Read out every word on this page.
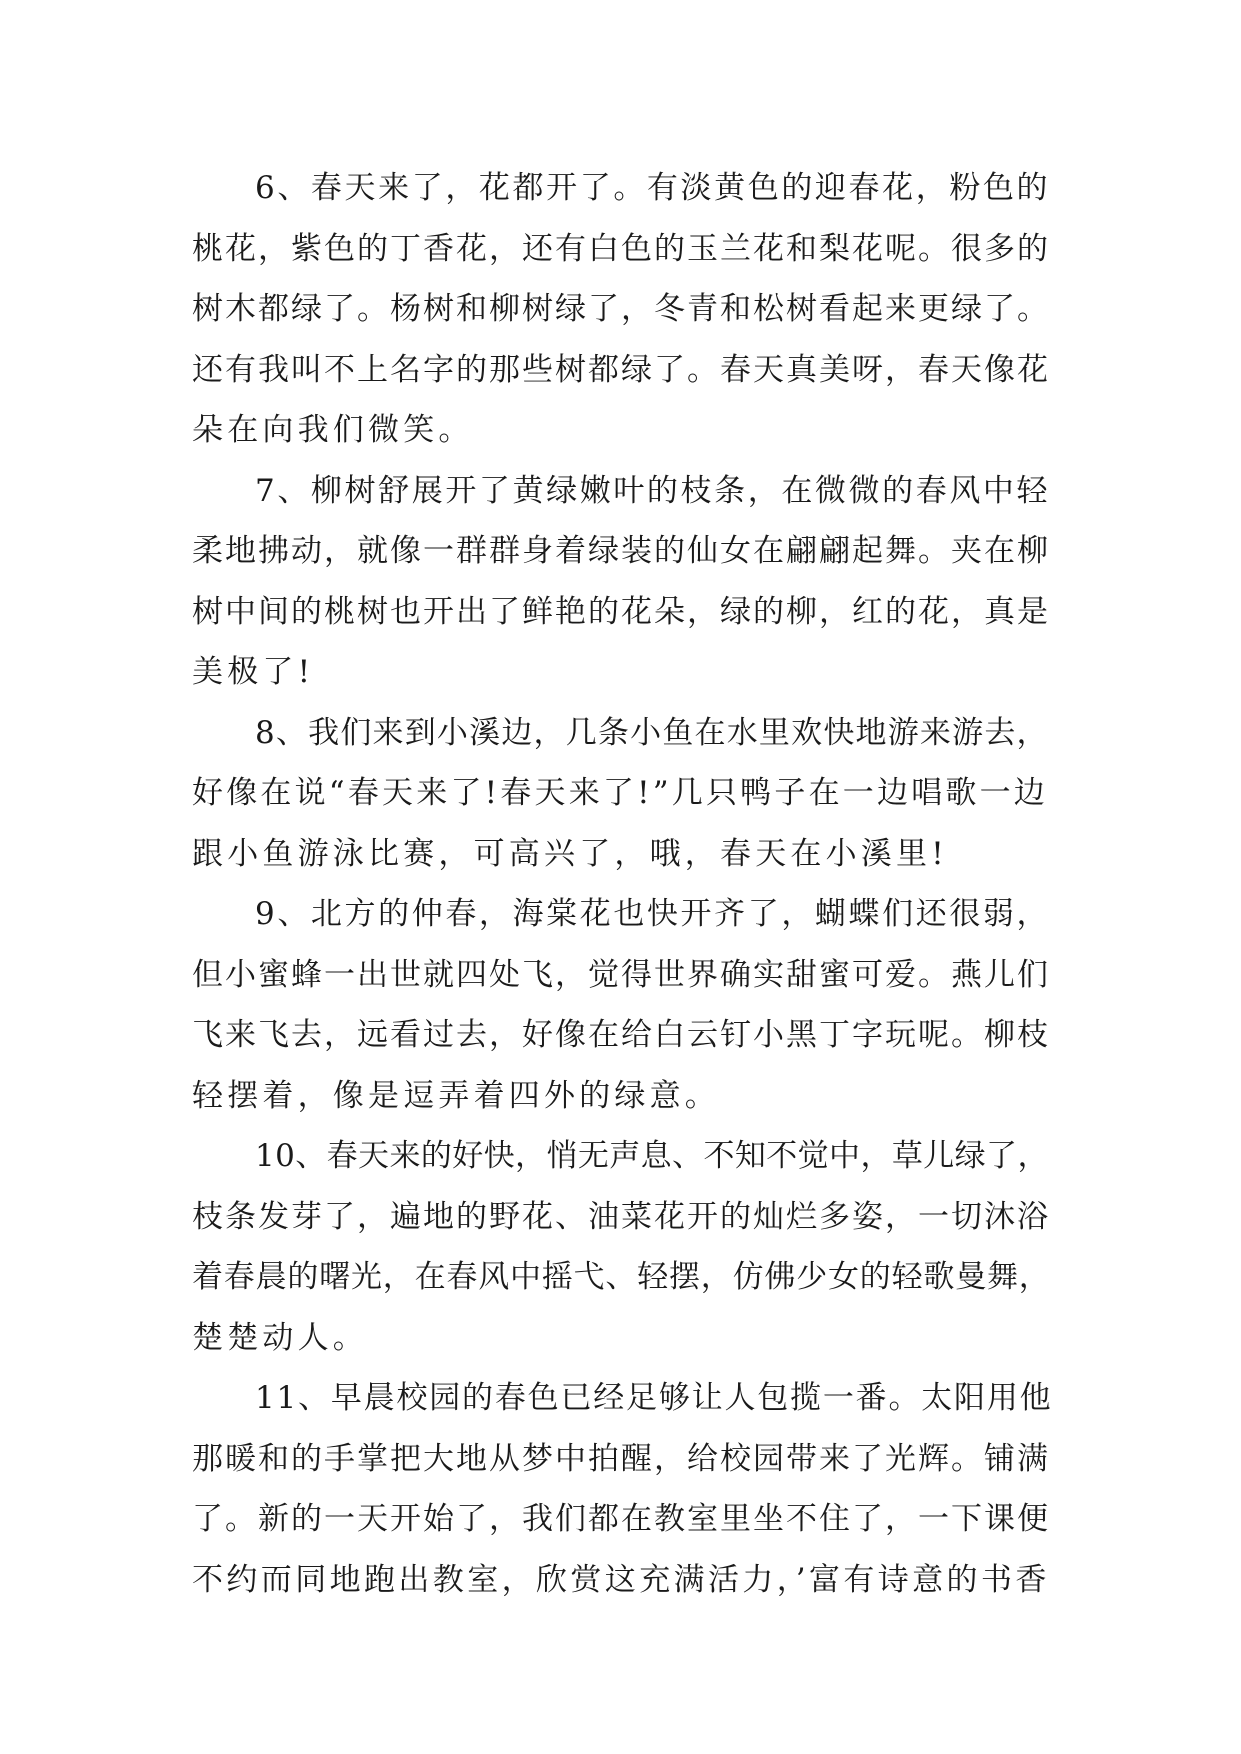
6、春天来了，花都开了。有淡黄色的迎春花，粉色的
桃花，紫色的丁香花，还有白色的玉兰花和梨花呢。很多的
树木都绿了。杨树和柳树绿了，冬青和松树看起来更绿了。
还有我叫不上名字的那些树都绿了。春天真美呀，春天像花
朵在向我们微笑。
7、柳树舒展开了黄绿嫩叶的枝条，在微微的春风中轻
柔地拂动，就像一群群身着绿装的仙女在翩翩起舞。夹在柳
树中间的桃树也开出了鲜艳的花朵，绿的柳，红的花，真是
美极了!
8、我们来到小溪边，几条小鱼在水里欢快地游来游去，
好像在说“春天来了!春天来了!”几只鸭子在一边唱歌一边
跟小鱼游泳比赛，可高兴了，哦，春天在小溪里!
9、北方的仲春，海棠花也快开齐了，蝴蝶们还很弱，
但小蜜蜂一出世就四处飞，觉得世界确实甜蜜可爱。燕儿们
飞来飞去，远看过去，好像在给白云钉小黑丁字玩呢。柳枝
轻摆着，像是逗弄着四外的绿意。
10、春天来的好快，悄无声息、不知不觉中，草儿绿了，
枝条发芽了，遍地的野花、油菜花开的灿烂多姿，一切沐浴
着春晨的曙光，在春风中摇弋、轻摆，仿佛少女的轻歌曼舞，
楚楚动人。
11、早晨校园的春色已经足够让人包揽一番。太阳用他
那暖和的手掌把大地从梦中拍醒，给校园带来了光辉。铺满
了。新的一天开始了，我们都在教室里坐不住了，一下课便
不约而同地跑出教室，欣赏这充满活力，’富有诗意的书香
